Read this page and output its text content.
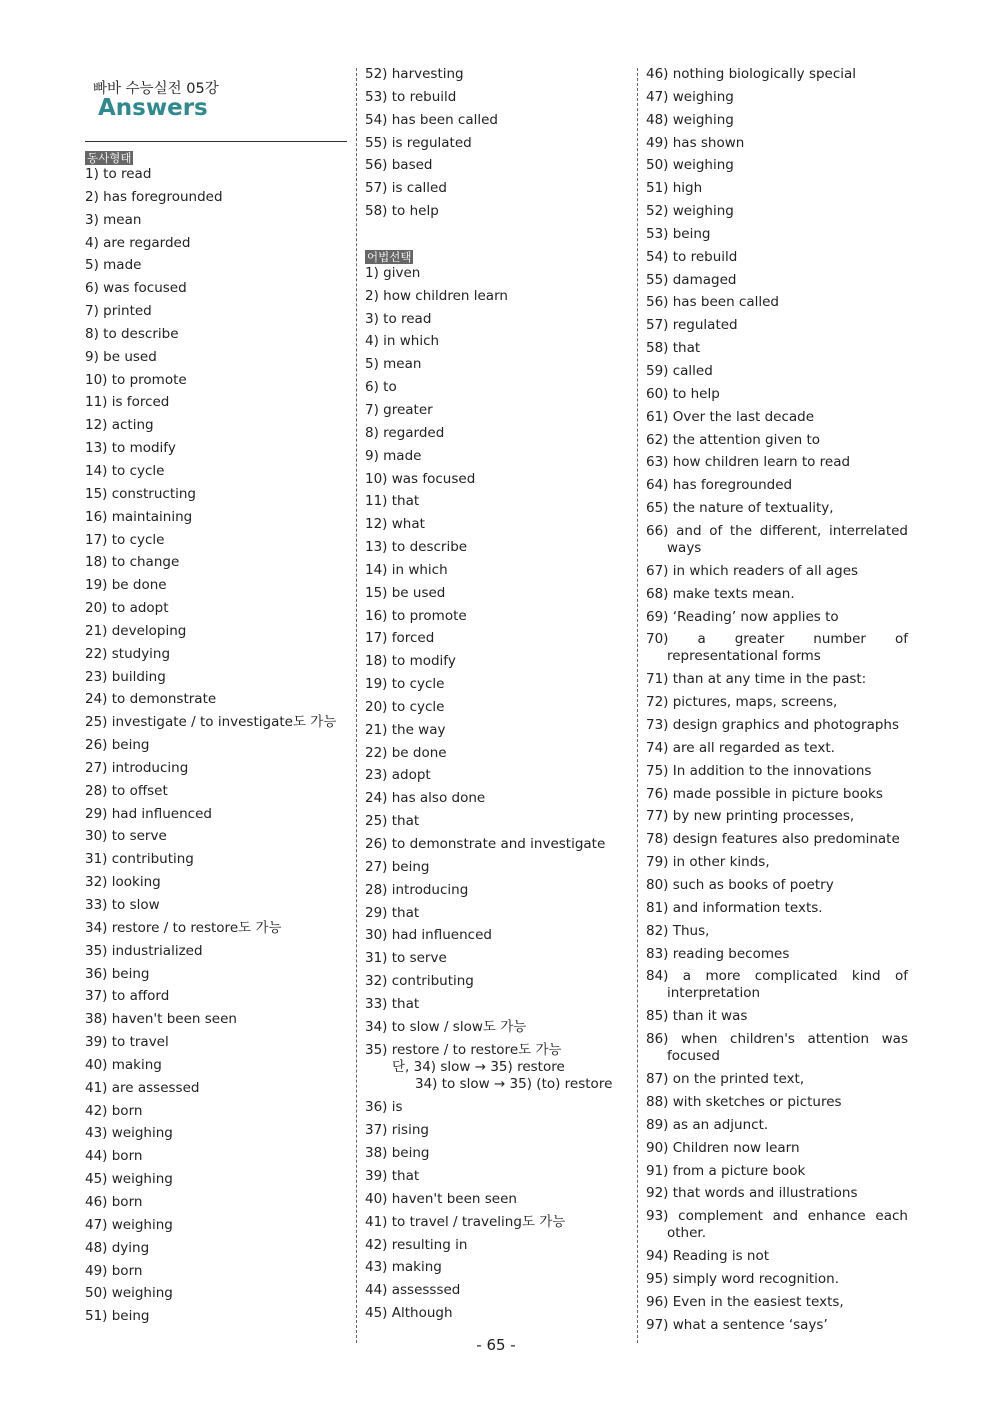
빠바 수능실전 05강
Answers
동사형태
1) to read
2) has foregrounded
3) mean
4) are regarded
5) made
6) was focused
7) printed
8) to describe
9) be used
10) to promote
11) is forced
12) acting
13) to modify
14) to cycle
15) constructing
16) maintaining
17) to cycle
18) to change
19) be done
20) to adopt
21) developing
22) studying
23) building
24) to demonstrate
25) investigate / to investigate도 가능
26) being
27) introducing
28) to offset
29) had influenced
30) to serve
31) contributing
32) looking
33) to slow
34) restore / to restore도 가능
35) industrialized
36) being
37) to afford
38) haven't been seen
39) to travel
40) making
41) are assessed
42) born
43) weighing
44) born
45) weighing
46) born
47) weighing
48) dying
49) born
50) weighing
51) being
52) harvesting
53) to rebuild
54) has been called
55) is regulated
56) based
57) is called
58) to help
어법선택
1) given
2) how children learn
3) to read
4) in which
5) mean
6) to
7) greater
8) regarded
9) made
10) was focused
11) that
12) what
13) to describe
14) in which
15) be used
16) to promote
17) forced
18) to modify
19) to cycle
20) to cycle
21) the way
22) be done
23) adopt
24) has also done
25) that
26) to demonstrate and investigate
27) being
28) introducing
29) that
30) had influenced
31) to serve
32) contributing
33) that
34) to slow / slow도 가능
35) restore / to restore도 가능
단, 34) slow → 35) restore
34) to slow → 35) (to) restore
36) is
37) rising
38) being
39) that
40) haven't been seen
41) to travel / traveling도 가능
42) resulting in
43) making
44) assesssed
45) Although
46) nothing biologically special
47) weighing
48) weighing
49) has shown
50) weighing
51) high
52) weighing
53) being
54) to rebuild
55) damaged
56) has been called
57) regulated
58) that
59) called
60) to help
61) Over the last decade
62) the attention given to
63) how children learn to read
64) has foregrounded
65) the nature of textuality,
66) and of the different, interrelated
ways
67) in which readers of all ages
68) make texts mean.
69) ‘Reading’ now applies to
70) a greater number of
representational forms
71) than at any time in the past:
72) pictures, maps, screens,
73) design graphics and photographs
74) are all regarded as text.
75) In addition to the innovations
76) made possible in picture books
77) by new printing processes,
78) design features also predominate
79) in other kinds,
80) such as books of poetry
81) and information texts.
82) Thus,
83) reading becomes
84) a more complicated kind of
interpretation
85) than it was
86) when children's attention was
focused
87) on the printed text,
88) with sketches or pictures
89) as an adjunct.
90) Children now learn
91) from a picture book
92) that words and illustrations
93) complement and enhance each
other.
94) Reading is not
95) simply word recognition.
96) Even in the easiest texts,
97) what a sentence ‘says’
- 65 -
